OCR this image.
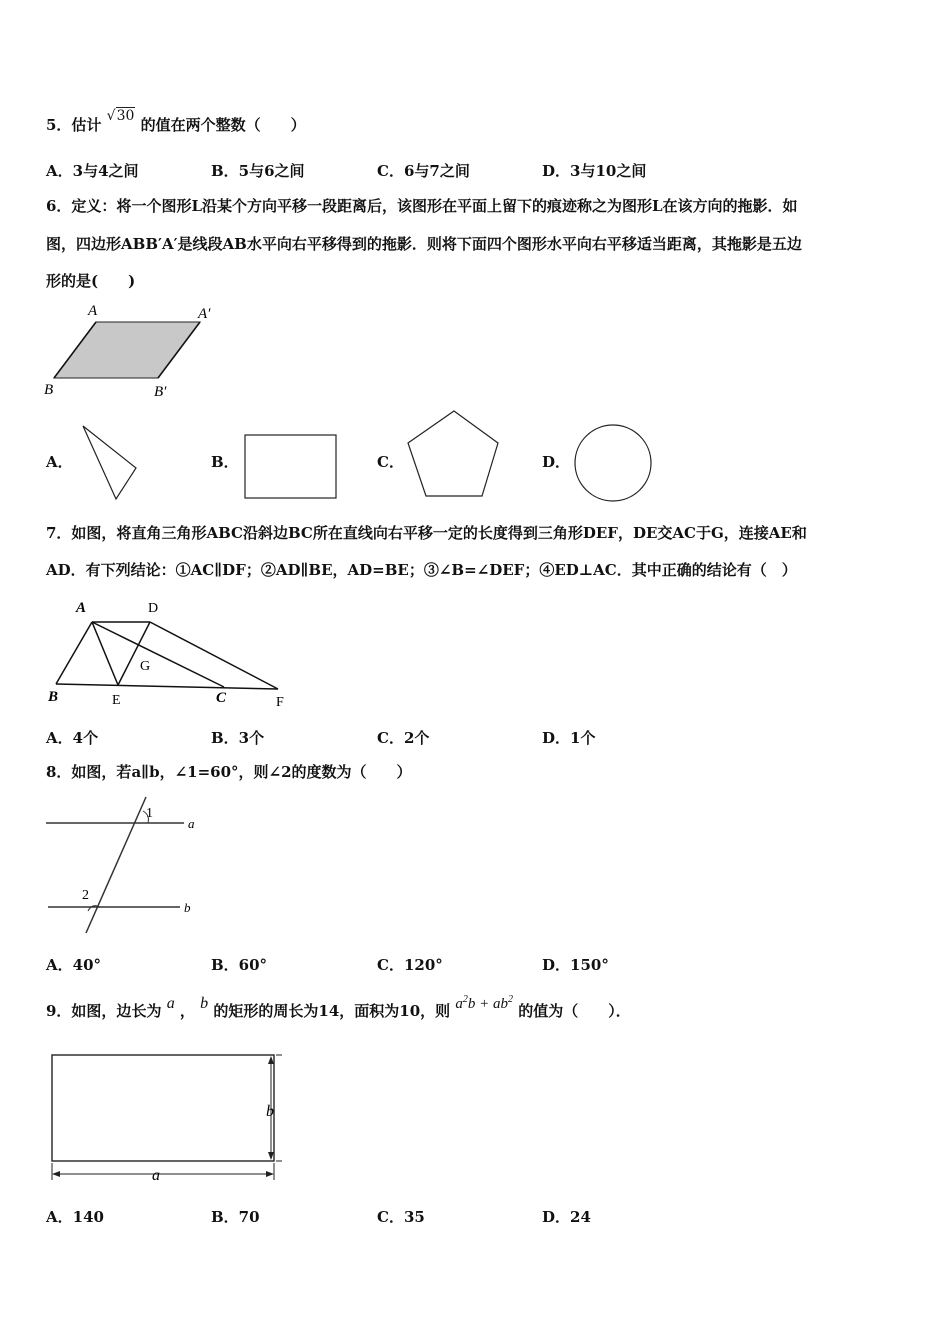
5．估计 √30 的值在两个整数（　　）
A．3与4之间	B．5与6之间	C．6与7之间	D．3与10之间
6．定义：将一个图形L沿某个方向平移一段距离后，该图形在平面上留下的痕迹称之为图形L在该方向的拖影．如
图，四边形ABB′A′是线段AB水平向右平移得到的拖影．则将下面四个图形水平向右平移适当距离，其拖影是五边
形的是(　　)
A	A′
B	B′
A．	B．	C．	D．
7．如图，将直角三角形ABC沿斜边BC所在直线向右平移一定的长度得到三角形DEF，DE交AC于G，连接AE和
AD．有下列结论：①AC∥DF；②AD∥BE，AD=BE；③∠B=∠DEF；④ED⊥AC．其中正确的结论有（　）
A	D
G
B	E	C	F
A．4个	B．3个	C．2个	D．1个
8．如图，若a∥b，∠1=60°，则∠2的度数为（　　）
1
2
a
b
A．40°	B．60°	C．120°	D．150°
9．如图，边长为 a ， b 的矩形的周长为14，面积为10，则 $a^2b + ab^2$ 的值为（　　）．
b
a
A．140	B．70	C．35	D．24
